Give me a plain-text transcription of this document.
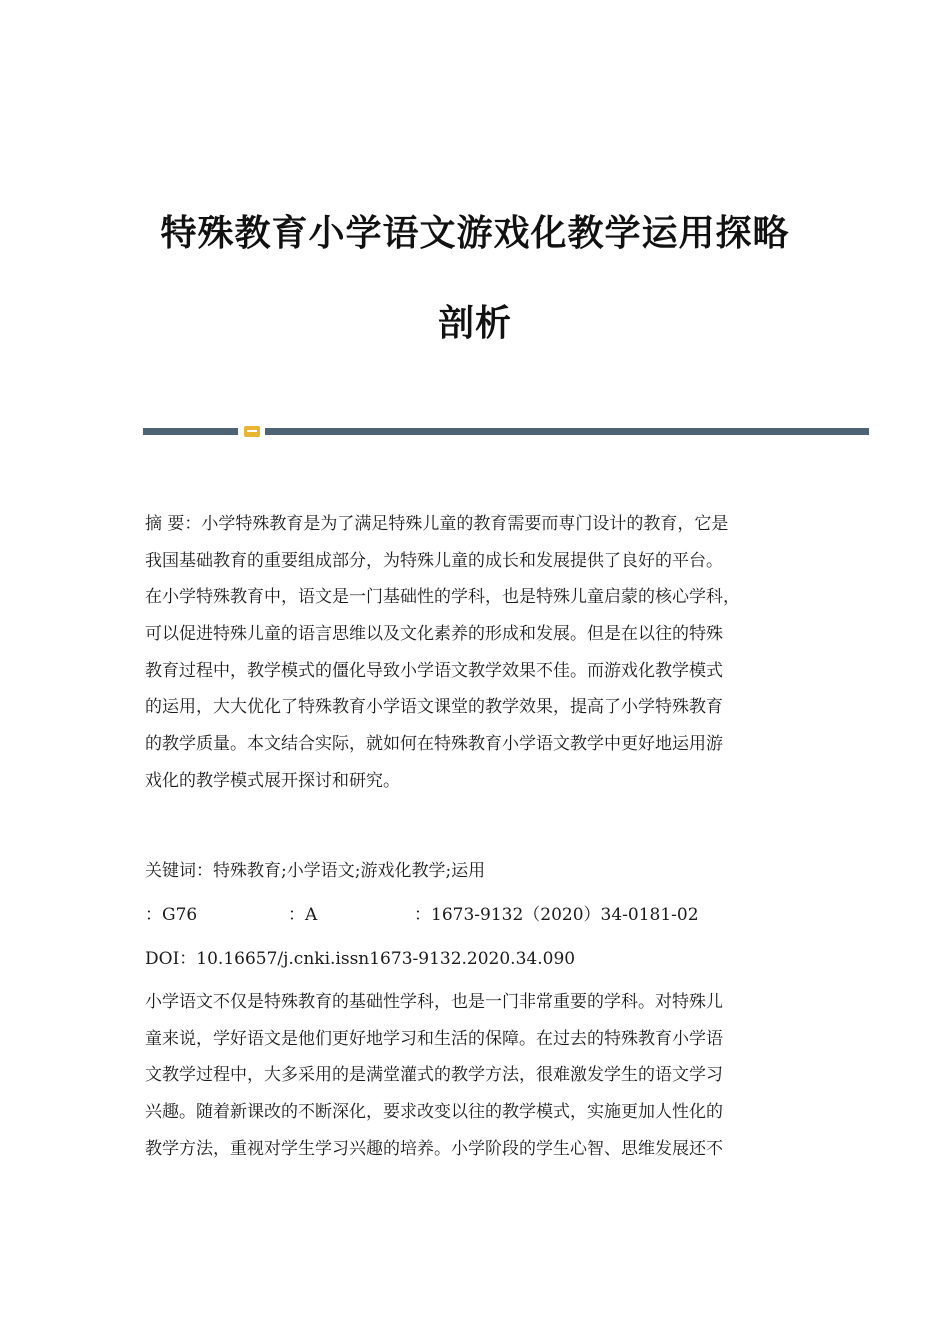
特殊教育小学语文游戏化教学运用探略
剖析
摘 要：小学特殊教育是为了满足特殊儿童的教育需要而専门设计的教育，它是
我国基础教育的重要组成部分，为特殊儿童的成长和发展提供了良好的平台。
在小学特殊教育中，语文是一门基础性的学科，也是特殊儿童启蒙的核心学科，
可以促进特殊儿童的语言思维以及文化素养的形成和发展。但是在以往的特殊
教育过程中，教学模式的僵化导致小学语文教学效果不佳。而游戏化教学模式
的运用，大大优化了特殊教育小学语文课堂的教学效果，提高了小学特殊教育
的教学质量。本文结合实际，就如何在特殊教育小学语文教学中更好地运用游
戏化的教学模式展开探讨和研究。
关键词：特殊教育;小学语文;游戏化教学;运用
：G76	：A	：1673-9132（2020）34-0181-02
DOI：10.16657/j.cnki.issn1673-9132.2020.34.090
小学语文不仅是特殊教育的基础性学科，也是一门非常重要的学科。对特殊儿
童来说，学好语文是他们更好地学习和生活的保障。在过去的特殊教育小学语
文教学过程中，大多采用的是满堂灌式的教学方法，很难激发学生的语文学习
兴趣。随着新课改的不断深化，要求改变以往的教学模式，实施更加人性化的
教学方法，重视对学生学习兴趣的培养。小学阶段的学生心智、思维发展还不
